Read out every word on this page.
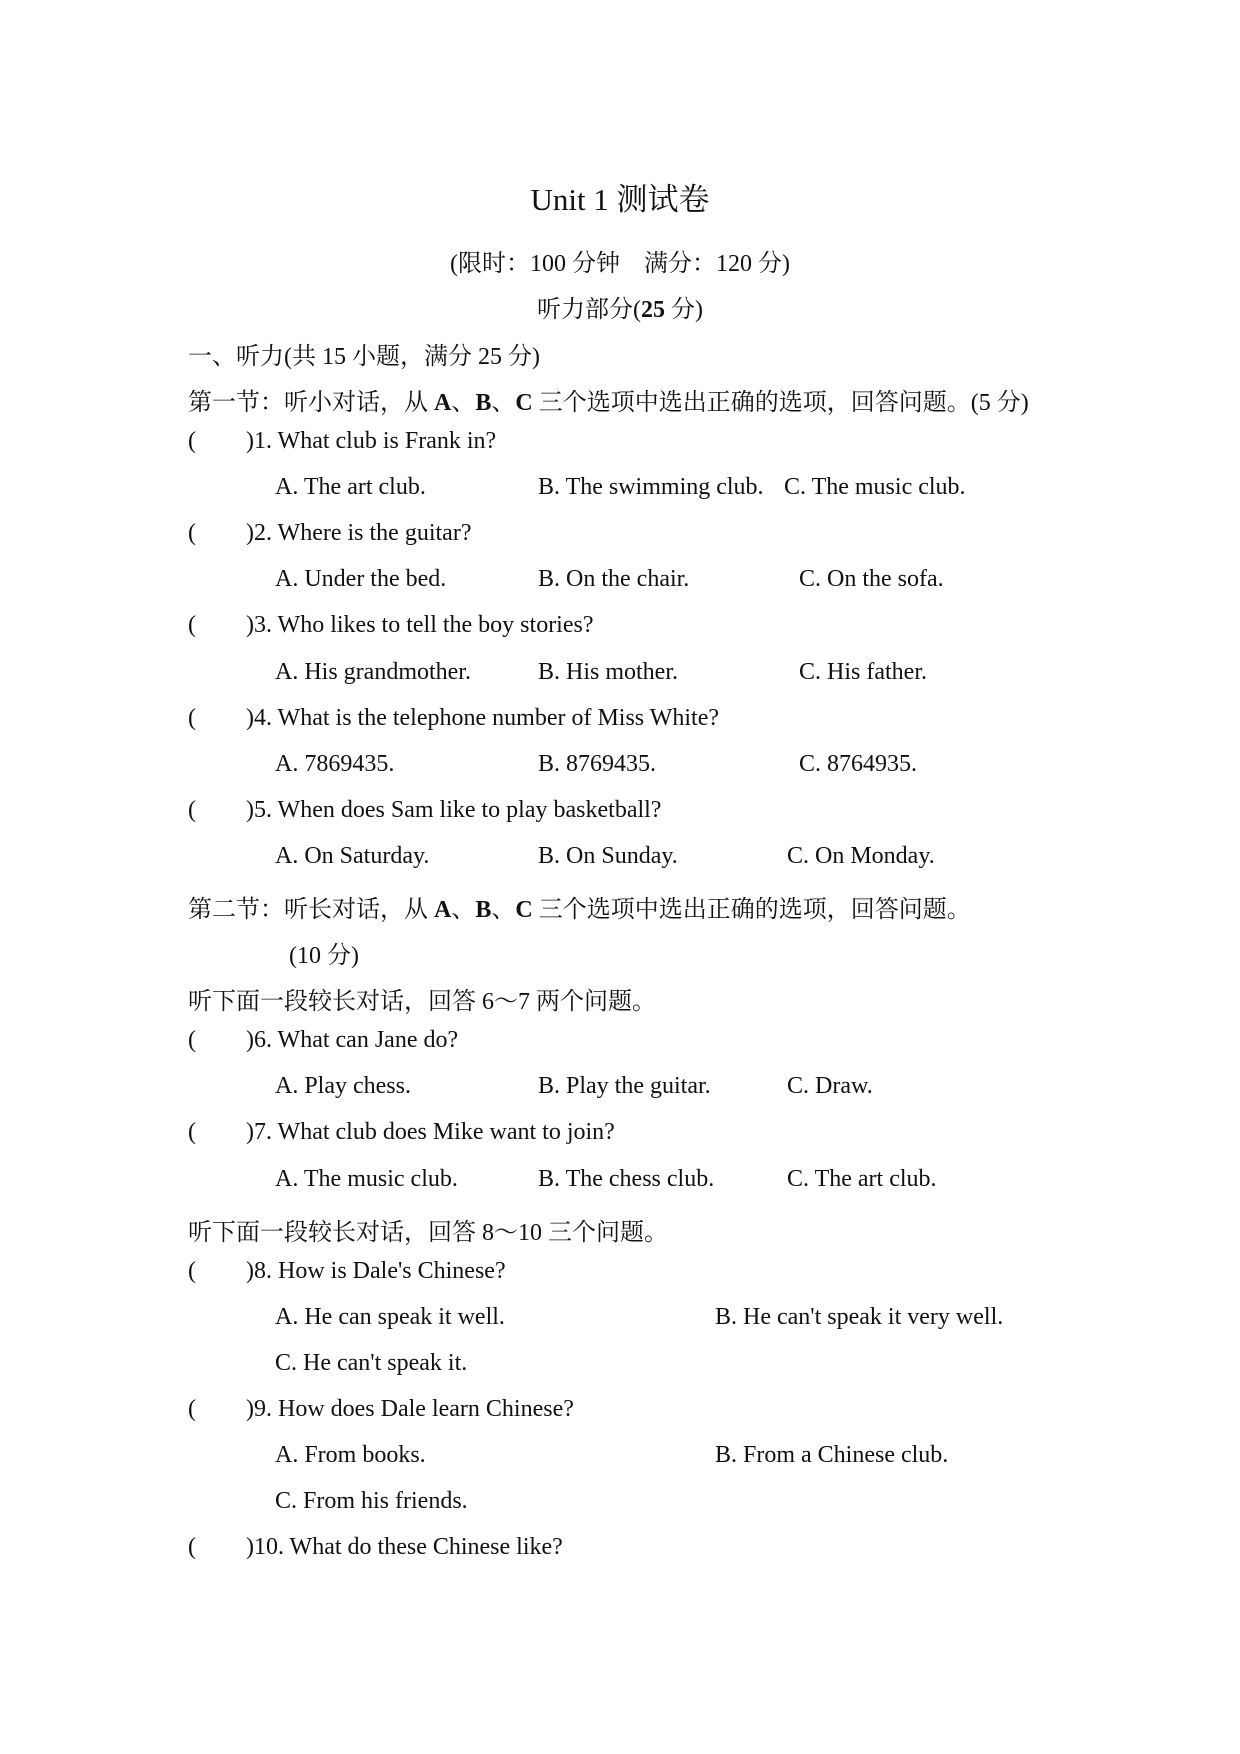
Unit 1 测试卷
(限时：100 分钟　满分：120 分)
听力部分(25 分)
一、听力(共 15 小题，满分 25 分)
第一节：听小对话，从 A、B、C 三个选项中选出正确的选项，回答问题。(5 分)
( )1. What club is Frank in?
A. The art club.	B. The swimming club. C. The music club.
( )2. Where is the guitar?
A. Under the bed.	B. On the chair.	C. On the sofa.
( )3. Who likes to tell the boy stories?
A. His grandmother.	B. His mother.	C. His father.
( )4. What is the telephone number of Miss White?
A. 7869435.	B. 8769435.	C. 8764935.
( )5. When does Sam like to play basketball?
A. On Saturday.	B. On Sunday.	C. On Monday.
第二节：听长对话，从 A、B、C 三个选项中选出正确的选项，回答问题。
(10 分)
听下面一段较长对话，回答 6～7 两个问题。
( )6. What can Jane do?
A. Play chess.	B. Play the guitar.	C. Draw.
( )7. What club does Mike want to join?
A. The music club.	B. The chess club.	C. The art club.
听下面一段较长对话，回答 8～10 三个问题。
( )8. How is Dale's Chinese?
A. He can speak it well.	B. He can't speak it very well.
C. He can't speak it.
( )9. How does Dale learn Chinese?
A. From books.	B. From a Chinese club.
C. From his friends.
( )10. What do these Chinese like?
